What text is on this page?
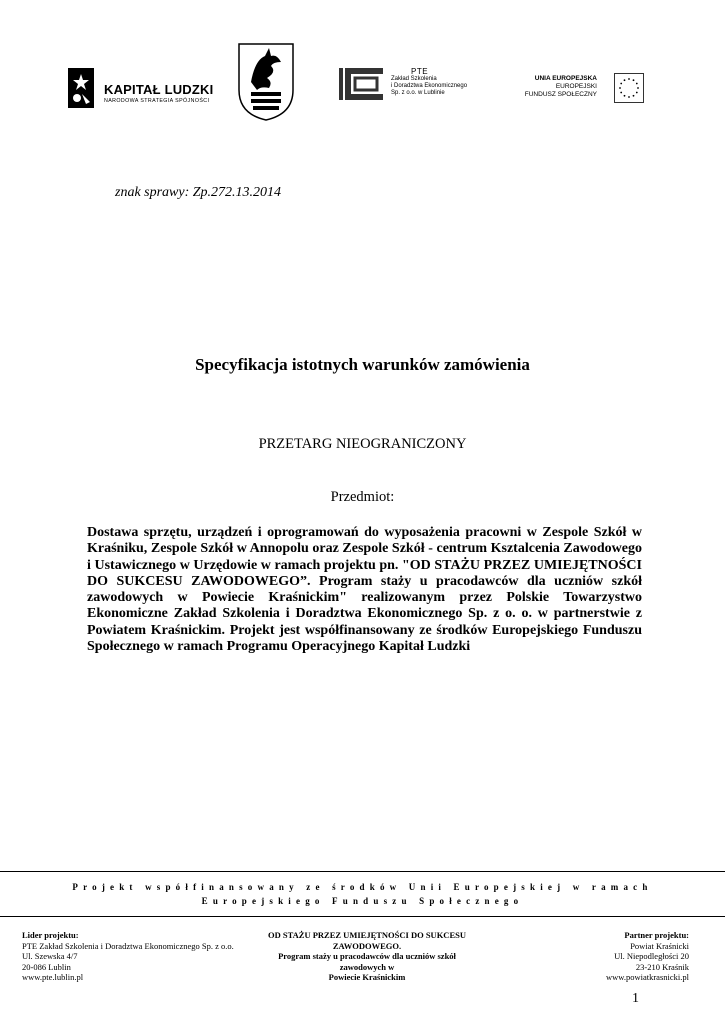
KAPITAŁ LUDZKI
NARODOWA STRATEGIA SPÓJNOŚCI
PTE
Zakład Szkolenia
i Doradztwa Ekonomicznego
Sp. z o.o. w Lublinie
UNIA EUROPEJSKA
EUROPEJSKI
FUNDUSZ SPOŁECZNY
znak sprawy: Zp.272.13.2014
Specyfikacja istotnych warunków zamówienia
PRZETARG NIEOGRANICZONY
Przedmiot:
Dostawa sprzętu, urządzeń i oprogramowań do wyposażenia pracowni w Zespole Szkół w Kraśniku, Zespole Szkół w Annopolu oraz Zespole Szkół - centrum Ksztalcenia Zawodowego i Ustawicznego w Urzędowie w ramach projektu pn. "OD STAŻU PRZEZ UMIEJĘTNOŚCI DO SUKCESU ZAWODOWEGO”. Program staży u pracodawców dla uczniów szkół zawodowych w Powiecie Kraśnickim" realizowanym przez Polskie Towarzystwo Ekonomiczne Zakład Szkolenia i Doradztwa Ekonomicznego Sp. z o. o. w partnerstwie z Powiatem Kraśnickim. Projekt jest współfinansowany ze środków Europejskiego Funduszu Społecznego w ramach Programu Operacyjnego Kapitał Ludzki
Projekt współfinansowany ze środków Unii Europejskiej w ramach
Europejskiego Funduszu Społecznego
Lider projektu:
PTE Zakład Szkolenia i Doradztwa Ekonomicznego Sp. z o.o.
Ul. Szewska 4/7
20-086 Lublin
www.pte.lublin.pl
OD STAŻU PRZEZ UMIEJĘTNOŚCI DO SUKCESU
ZAWODOWEGO.
Program staży u pracodawców dla uczniów szkół zawodowych w
Powiecie Kraśnickim
Partner projektu:
Powiat Kraśnicki
Ul. Niepodległości 20
23-210 Kraśnik
www.powiatkrasnicki.pl
1
